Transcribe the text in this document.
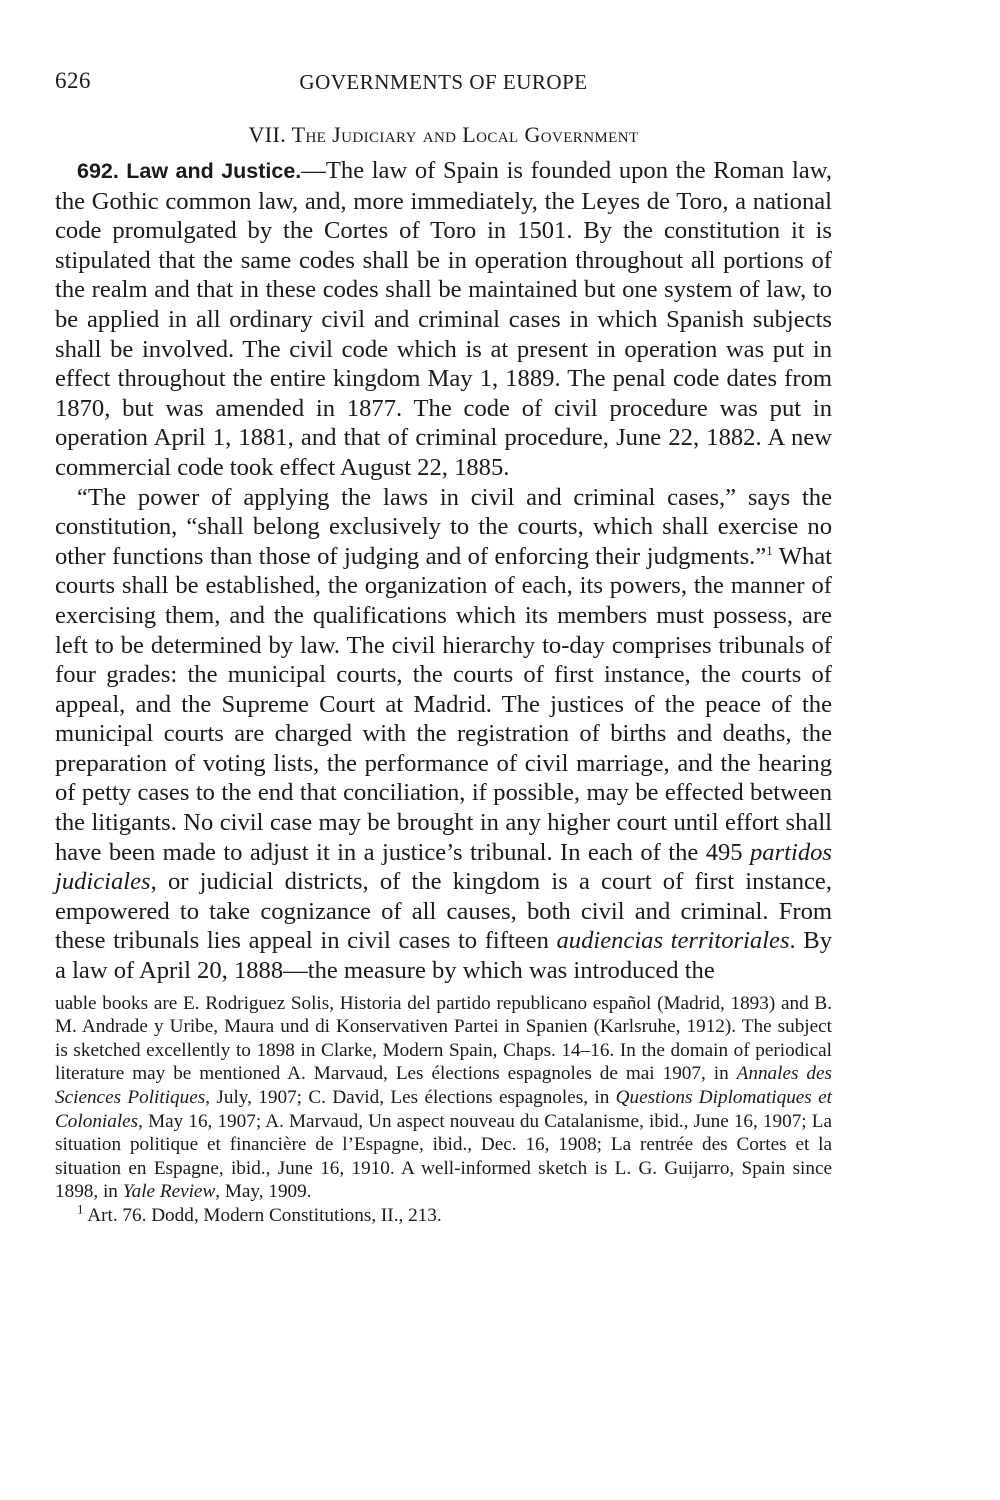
626	GOVERNMENTS OF EUROPE
VII. The Judiciary and Local Government

692. Law and Justice.—The law of Spain is founded upon the Roman law, the Gothic common law, and, more immediately, the Leyes de Toro, a national code promulgated by the Cortes of Toro in 1501. By the constitution it is stipulated that the same codes shall be in operation throughout all portions of the realm and that in these codes shall be maintained but one system of law, to be applied in all ordinary civil and criminal cases in which Spanish subjects shall be involved. The civil code which is at present in operation was put in effect throughout the entire kingdom May 1, 1889. The penal code dates from 1870, but was amended in 1877. The code of civil procedure was put in operation April 1, 1881, and that of criminal procedure, June 22, 1882. A new commercial code took effect August 22, 1885.

“The power of applying the laws in civil and criminal cases,” says the constitution, “shall belong exclusively to the courts, which shall exercise no other functions than those of judging and of enforcing their judgments.”$^1$ What courts shall be established, the organization of each, its powers, the manner of exercising them, and the qualifications which its members must possess, are left to be determined by law. The civil hierarchy to-day comprises tribunals of four grades: the municipal courts, the courts of first instance, the courts of appeal, and the Supreme Court at Madrid. The justices of the peace of the municipal courts are charged with the registration of births and deaths, the preparation of voting lists, the performance of civil marriage, and the hearing of petty cases to the end that conciliation, if possible, may be effected between the litigants. No civil case may be brought in any higher court until effort shall have been made to adjust it in a justice’s tribunal. In each of the 495 partidos judiciales, or judicial districts, of the kingdom is a court of first instance, empowered to take cognizance of all causes, both civil and criminal. From these tribunals lies appeal in civil cases to fifteen audiencias territoriales. By a law of April 20, 1888—the measure by which was introduced the

uable books are E. Rodriguez Solis, Historia del partido republicano español (Madrid, 1893) and B. M. Andrade y Uribe, Maura und di Konservativen Partei in Spanien (Karlsruhe, 1912). The subject is sketched excellently to 1898 in Clarke, Modern Spain, Chaps. 14–16. In the domain of periodical literature may be mentioned A. Marvaud, Les élections espagnoles de mai 1907, in Annales des Sciences Politiques, July, 1907; C. David, Les élections espagnoles, in Questions Diplomatiques et Coloniales, May 16, 1907; A. Marvaud, Un aspect nouveau du Catalanisme, ibid., June 16, 1907; La situation politique et financière de l’Espagne, ibid., Dec. 16, 1908; La rentrée des Cortes et la situation en Espagne, ibid., June 16, 1910. A well-informed sketch is L. G. Guijarro, Spain since 1898, in Yale Review, May, 1909.

$^1$ Art. 76. Dodd, Modern Constitutions, II., 213.
